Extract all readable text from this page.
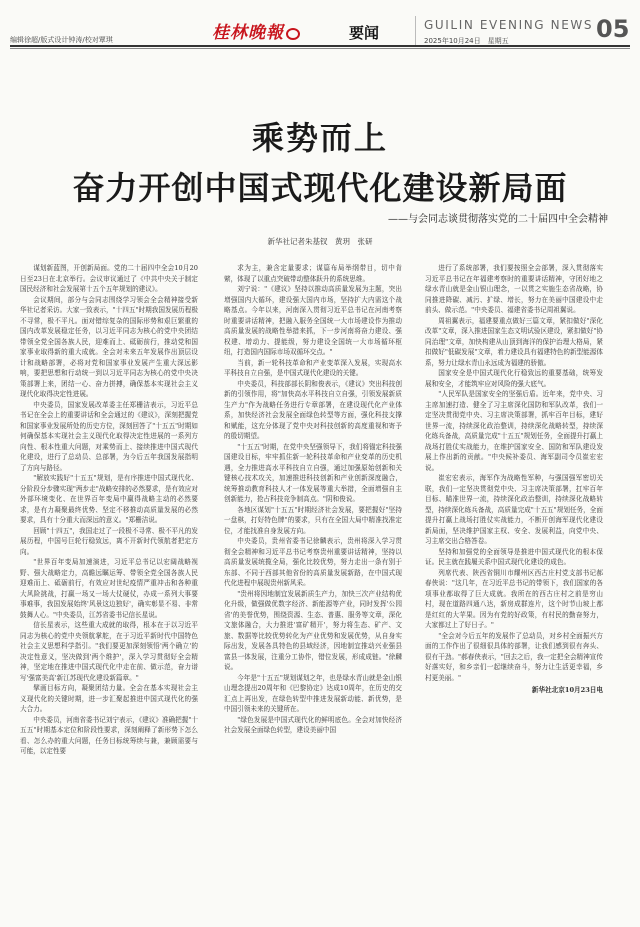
编辑徐超/版式设计钟涛/校对覃琪	桂林晚報	要闻	GUILIN EVENING NEWS
2025年10月24日　星期五	05
乘势而上
奋力开创中国式现代化建设新局面
——与会同志谈贯彻落实党的二十届四中全会精神
新华社记者朱基钗　黄玥　张研

谋划新蓝图，开创新局面。党的二十届四中全会10月20日至23日在北京举行。会议审议通过了《中共中央关于制定国民经济和社会发展第十五个五年规划的建议》。

会议期间，部分与会同志围绕学习领会全会精神接受新华社记者采访。大家一致表示，"十四五"时期我国发展历程极不寻常，极不平凡。面对错综复杂的国际形势和艰巨繁重的国内改革发展稳定任务，以习近平同志为核心的党中央团结带领全党全国各族人民，迎难而上、砥砺前行，推动党和国家事业取得新的重大成就。全会对未来五年发展作出顶层设计和战略部署，必将对党和国家事业发展产生重大深远影响，要把思想和行动统一到以习近平同志为核心的党中央决策部署上来，团结一心、奋力拼搏，确保基本实现社会主义现代化取得决定性进展。

中央委员，国家发展改革委主任郑栅洁表示，习近平总书记在全会上的重要讲话和全会通过的《建议》，深刻把握党和国家事业发展所处的历史方位，深刻回答了"十五五"时期如何确保基本实现社会主义现代化取得决定性进展的一系列方向性、根本性重大问题，对乘势而上、接续推进中国式现代化建设，进行了总动员、总部署，为今后五年我国发展指明了方向与路径。

"解放实践好"十五五"规划，是有序推进中国式现代化、分阶段分步骤实现"两步走"战略安排的必然要求，是有效应对外部环境变化、在世界百年变局中赢得战略主动的必然要求，是有力凝聚最终优势、坚定不移推动高质量发展的必然要求，具有十分重大而深远的意义。"郑栅洁说。

回顾"十四五"，我国走过了一段极不寻常、极不平凡的发展历程，中国号巨轮行稳致远，离不开新时代领航者把定方向。

"世界百年变局加速演进，习近平总书记以宏阔战略视野、强大战略定力，高瞻远瞩运筹、带领全党全国各族人民迎难而上、砥砺前行，有效应对世纪疫情严重冲击和各种重大风险挑战，打赢一场又一场大仗硬仗，办成一系列大事要事难事，我国发展始终'风景这边独好'，确实彰显不易、非常鼓舞人心。"中央委员，江苏省委书记信长星说。

信长星表示，这些重大成就的取得，根本在于以习近平同志为核心的党中央领航掌舵，在于习近平新时代中国特色社会主义思想科学指引。"我们要更加深刻领悟'两个确立'的决定性意义，坚决做到'两个维护'，深入学习贯彻好全会精神，坚定地在推进中国式现代化中走在前、做示范，奋力谱写'强富美高'新江苏现代化建设新篇章。"

擘画目标方向，凝聚团结力量。全会在基本实现社会主义现代化的关键时期，进一步汇聚起推进中国式现代化的强大合力。

中央委员，河南省委书记刘宁表示，《建议》准确把握"十五五"时期基本定位和阶段性要求，深刻阐释了新形势下怎么看、怎么办的重大问题，任务目标统筹续与兼，兼顾需要与可能，以定性要

求为主，兼含定量要求；谋篇布局举纲带目，切中肯綮，体现了以重点突破带动整体跃升的系统思维。

刘宁说："《建议》坚持以推动高质量发展为主题，突出增强国内大循环，建设强大国内市场，坚持扩大内需这个战略基点。今年以来，河南深入贯彻习近平总书记在河南考察时重要讲话精神，把融入服务全国统一大市场建设作为推动高质量发展的战略性举措来抓，下一步河南将奋力建设、强权建、增动力、提能级，努力建设全国统一大市场循环枢纽，打造国内国际市场双循环交点。"

当前，新一轮科技革命和产业变革深入发展，实现高水平科技自立自强，是中国式现代化建设的关键。

中央委员，科技部部长阴和俊表示，《建议》突出科技创新的引领作用，将"加快高水平科技自立自强，引领发展新质生产力"作为战略任务进行专章部署，在建设现代化产业体系，加快经济社会发展全面绿色转型等方面，强化科技支撑和赋能，这充分体现了党中央对科技创新的高度重视和寄予的殷切期望。

"十五五"时期，在党中央坚强领导下，我们将锚定科技强国建设目标，牢牢抓住新一轮科技革命和产业变革的历史机遇，全力推进高水平科技自立自强，通过加强原始创新和关键核心技术攻关，加速推进科技创新和产业创新深度融合，统筹推动教育科技人才一体发展等重大举措，全面增强自主创新能力，抢占科技竞争制高点。"阴和俊说。

各地区谋划"十五五"时期经济社会发展，要把握好"坚持一盘棋，打好特色牌"的要求，只有在全国大局中精准找准定位，才能找准自身发展方向。

中央委员，贵州省委书记徐麟表示，贵州将深入学习贯彻全会精神和习近平总书记考察贵州重要讲话精神，坚持以高质量发展统揽全局，强化比较优势，努力走出一条有别于东部、不同于西部其他省份的高质量发展新路，在中国式现代化进程中展现贵州新风采。

"贵州将因地制宜发展新质生产力，加快三次产业结构优化升级，做强做优数字经济、新能源等产业，同时发挥'公园省'的美誉优势，围绕资源、生态、普惠、服务等文章，深化文旅体融合，大力推进'富矿精开'，努力将生态、矿产、文旅、数据等比较优势转化为产业优势和发展优势，从自身实际出发，发展各具特色的县域经济，因地制宜推动兴业强县富县一体发展，注重分工协作，错位发展，形成成链。"徐麟说。

今年是"十五五"规划谋划之年，也是绿水青山就是金山银山理念提出20周年和《巴黎协定》达成10周年，在历史的交汇点上再出发，在绿色转型中推进发展新动能、新优势，是中国引领未来的关键所在。

"绿色发展是中国式现代化的鲜明底色。全会对加快经济社会发展全面绿色转型，建设美丽中国

进行了系统部署，我们要按照全会部署，深入贯彻落实习近平总书记在年福建考察时的重要讲话精神，守团好地之绿水青山就是金山银山理念，一以贯之实施生态省战略，协同推进降碳、减污、扩绿、增长，努力在美丽中国建设中走前头、做示范。"中央委员、福建省委书记周祖翼说。

周祖翼表示，福建要重点做好三篇文章，紧扣做好"深化改革"文章，深入推进国家生态文明试验区建设，紧扣做好"协同治理"文章，加快构建从山顶到海洋的保护治理大格局，紧扣做好"低碳发展"文章，着力建设具有福建特色的新型能源体系，努力让绿水青山永远成为福建的骄傲。

国家安全是中国式现代化行稳致远的重要基础，统筹发展和安全，才能筑牢应对风险的强大底气。

"人民军队是国家安全的坚强后盾。近年来，党中央、习主席加速打造、健全了习主席深化国防和军队改革，我们一定坚决贯彻党中央、习主席决策部署，抓牢百年目标，建好世界一流，持续深化政治整训，持续深化战略转型，持续深化练兵备战，高质量完成"十五五"规划任务，全面提升打赢上战场打胜仗实战能力，在维护国家安全、国防和军队建设发展上作出新的贡献。"中央候补委员、海军副司令员崔宏宏说。

崔宏宏表示，海军作为战略性军种，与强国强军密切关联，我们一定坚决贯彻党中央、习主席决策部署，扛牢百年目标、瞄准世界一流，持续深化政治整训，持续深化战略转型，持续深化练兵备战，高质量完成"十五五"规划任务，全面提升打赢上战场打胜仗实战能力，不断开创海军现代化建设新局面，坚决维护国家主权、安全、发展利益，向党中央、习主席交出合格答卷。

坚持和加强党的全面领导是推进中国式现代化的根本保证。民主就在践履关系中国式现代化建设的成色。

列席代表、陕西省铜川市耀州区西古庄村党支部书记郝春侠说："这几年，在习近平总书记的带领下，我们国家的各项事业都取得了巨大成就。我所在的西古庄村之前是穷山村，现在道路四通八达，新房成群连片，这个时节山坡上都是红红的大苹果。因为有党的好政策，有村民的勤奋努力，大家都过上了好日子。"

"全会对今后五年的发展作了总动员，对乡村全面振兴方面的工作作出了很细很具体的部署，让我们感到很有奔头、很有干劲。"郝春侠表示，"回去之后，我一定把全会精神宣传好落实好，和乡亲们一起继续奋斗，努力让生活更幸福，乡村更美丽。"

新华社北京10月23日电
